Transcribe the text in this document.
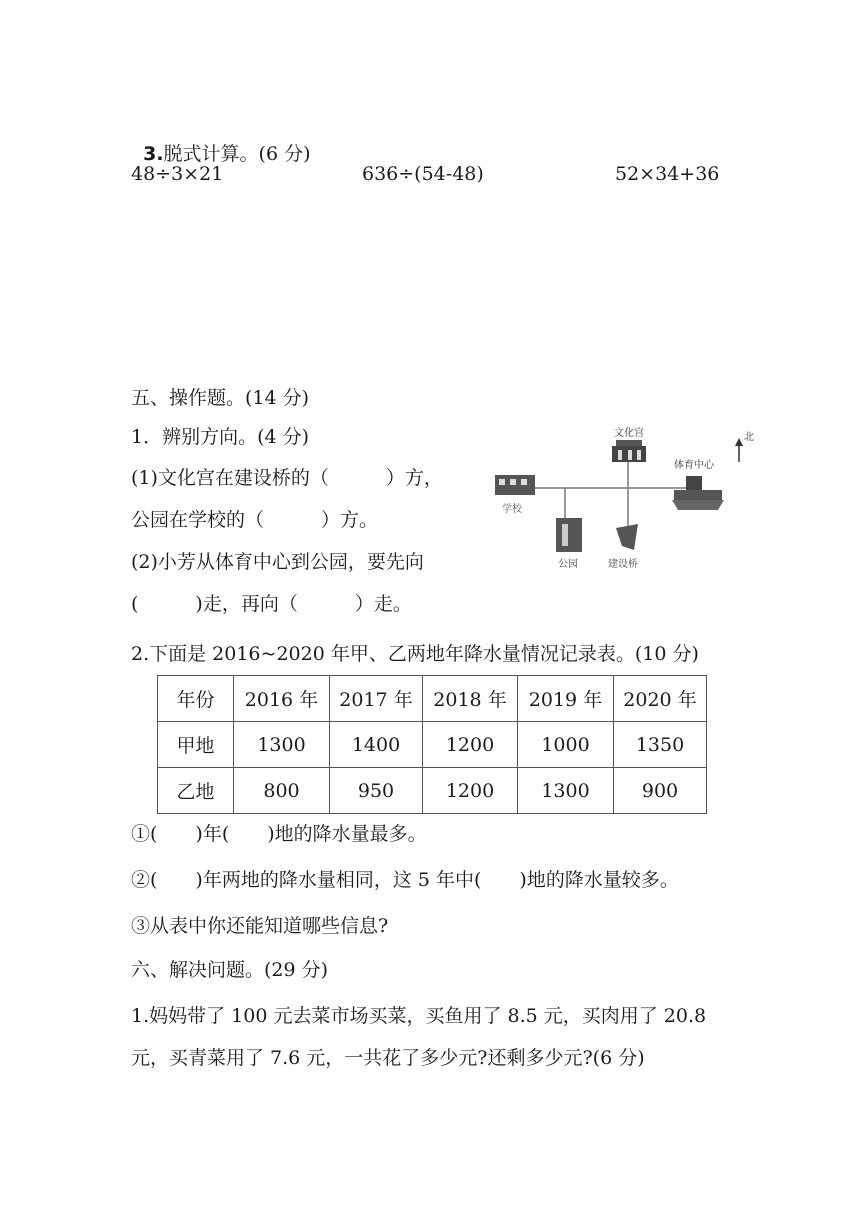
3.脱式计算。(6 分)

48÷3×21	636÷(54-48)	52×34+36
五、操作题。(14 分)
1．辨别方向。(4 分)
(1)文化宫在建设桥的（　　　）方，
公园在学校的（　　　）方。
(2)小芳从体育中心到公园，要先向
(　　　)走，再向（　　　）走。
文化宫
学校
体育中心
公园	建设桥
北
2.下面是 2016~2020 年甲、乙两地年降水量情况记录表。(10 分)
年份	2016 年	2017 年	2018 年	2019 年	2020 年
甲地	1300	1400	1200	1000	1350
乙地	800	950	1200	1300	900
①(　　)年(　　)地的降水量最多。
②(　　)年两地的降水量相同，这 5 年中(　　)地的降水量较多。
③从表中你还能知道哪些信息?
六、解决问题。(29 分)
1.妈妈带了 100 元去菜市场买菜，买鱼用了 8.5 元，买肉用了 20.8
元，买青菜用了 7.6 元，一共花了多少元?还剩多少元?(6 分)
